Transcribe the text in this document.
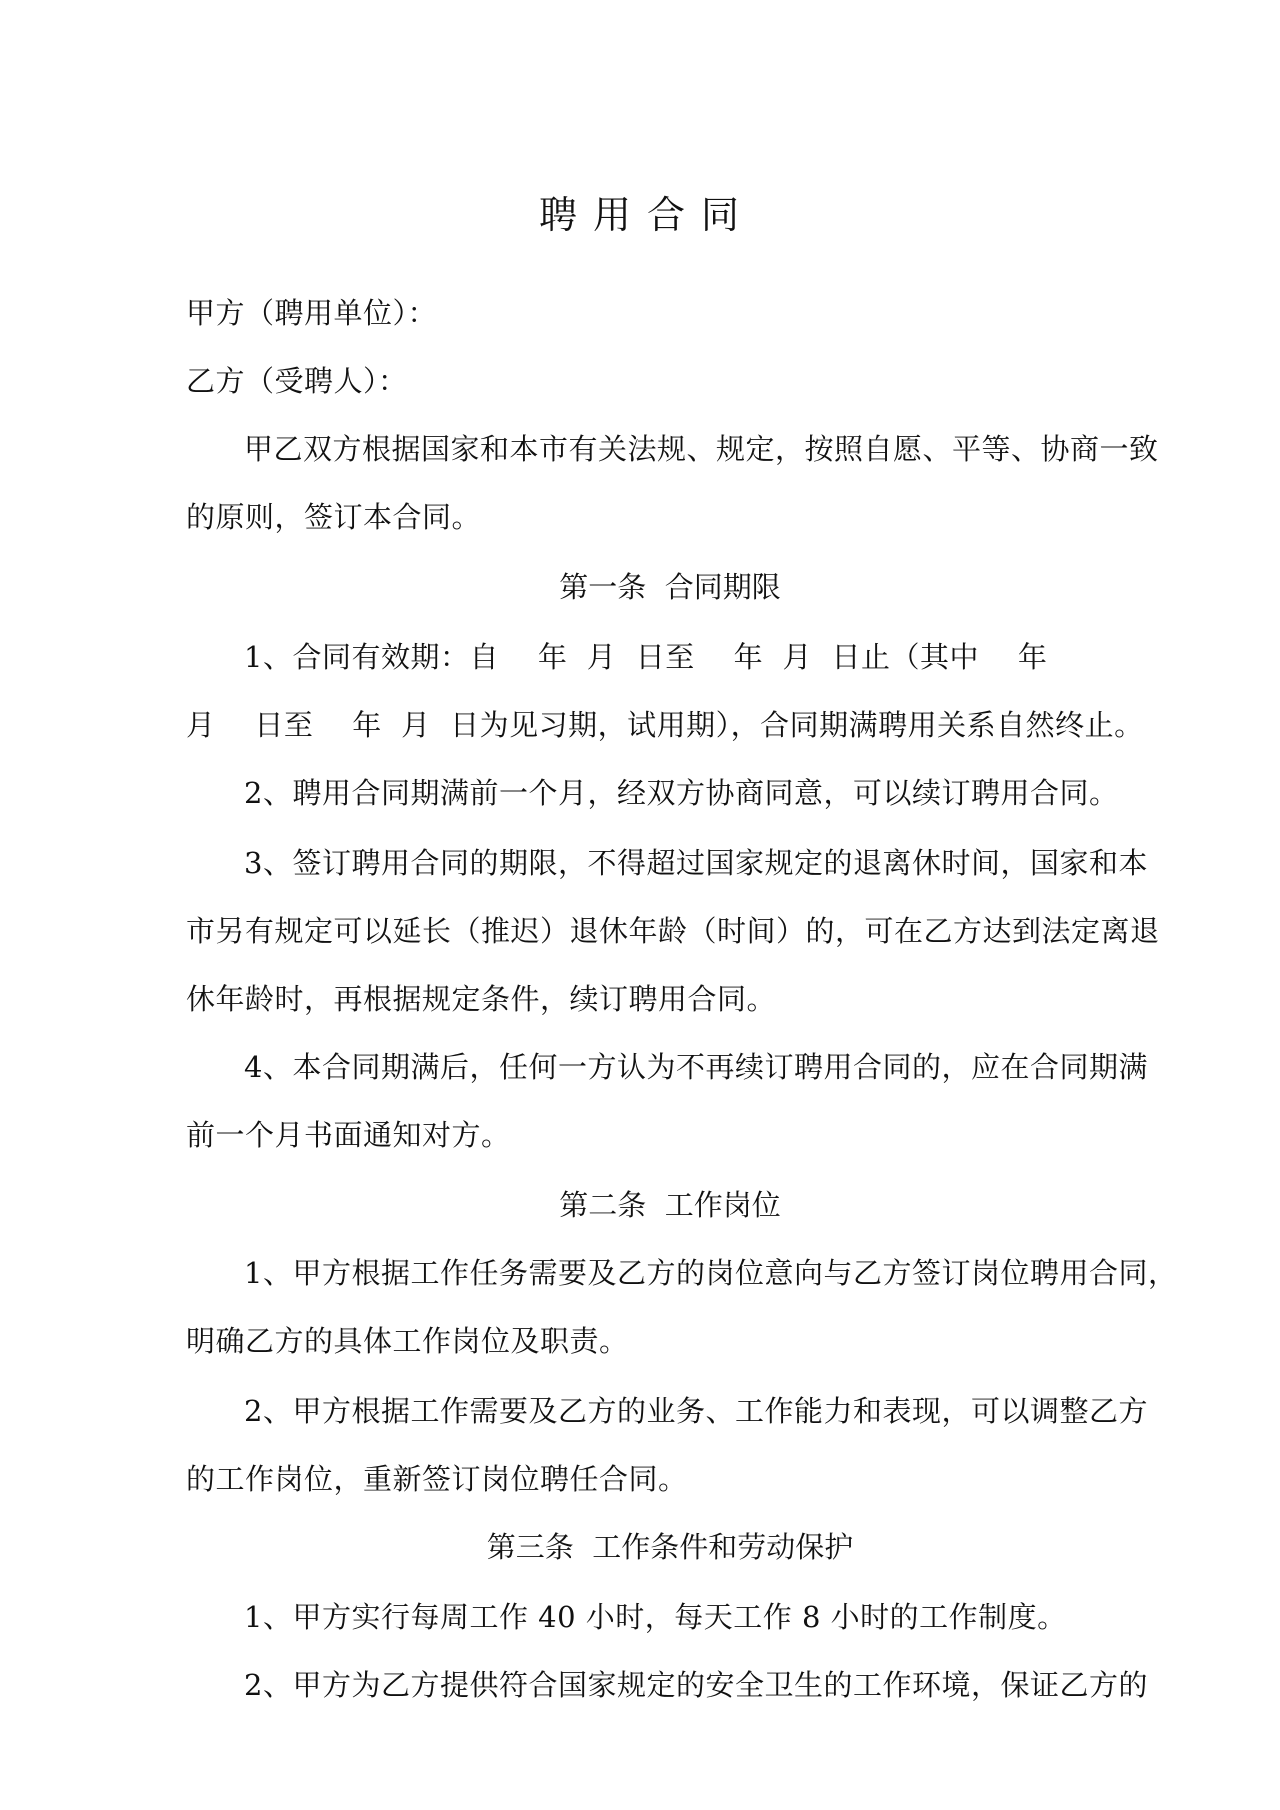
聘用合同
甲方（聘用单位）：
乙方（受聘人）：
甲乙双方根据国家和本市有关法规、规定，按照自愿、平等、协商一致
的原则，签订本合同。
第一条  合同期限
1、合同有效期：自    年  月  日至    年  月  日止（其中    年
月    日至    年  月  日为见习期，试用期），合同期满聘用关系自然终止。
2、聘用合同期满前一个月，经双方协商同意，可以续订聘用合同。
3、签订聘用合同的期限，不得超过国家规定的退离休时间，国家和本
市另有规定可以延长（推迟）退休年龄（时间）的，可在乙方达到法定离退
休年龄时，再根据规定条件，续订聘用合同。
4、本合同期满后，任何一方认为不再续订聘用合同的，应在合同期满
前一个月书面通知对方。
第二条  工作岗位
1、甲方根据工作任务需要及乙方的岗位意向与乙方签订岗位聘用合同，
明确乙方的具体工作岗位及职责。
2、甲方根据工作需要及乙方的业务、工作能力和表现，可以调整乙方
的工作岗位，重新签订岗位聘任合同。
第三条  工作条件和劳动保护
1、甲方实行每周工作 40 小时，每天工作 8 小时的工作制度。
2、甲方为乙方提供符合国家规定的安全卫生的工作环境，保证乙方的
